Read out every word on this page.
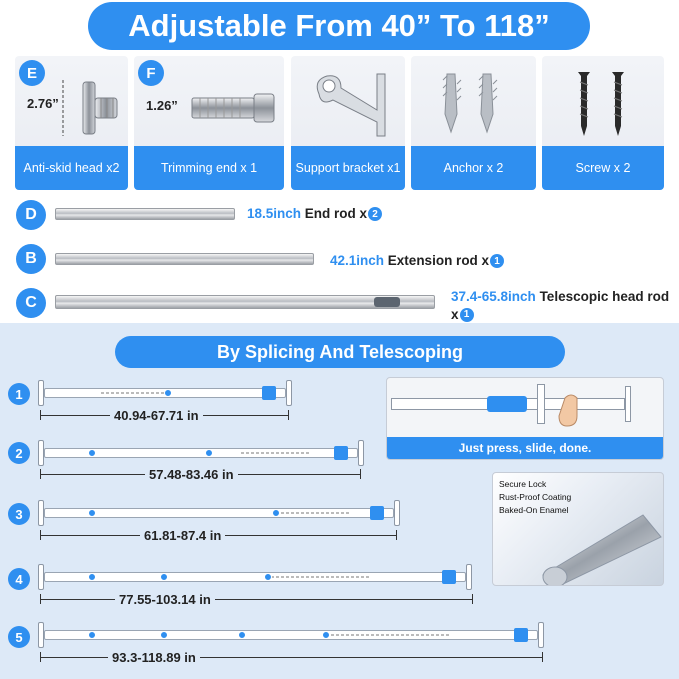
Adjustable From 40” To 118”
E
2.76”
Anti-skid head x2
F
1.26”
Trimming end x 1	Support bracket x1	Anchor x 2	Screw x 2
D	18.5inch End rod x 2
B	42.1inch Extension rod x 1
C	37.4-65.8inch Telescopic head rod x 1
By Splicing And Telescoping
1
40.94-67.71 in
2
57.48-83.46 in
3
61.81-87.4 in
4
77.55-103.14 in
5
93.3-118.89 in
Just press, slide, done.
Secure Lock
Rust-Proof Coating
Baked-On Enamel
